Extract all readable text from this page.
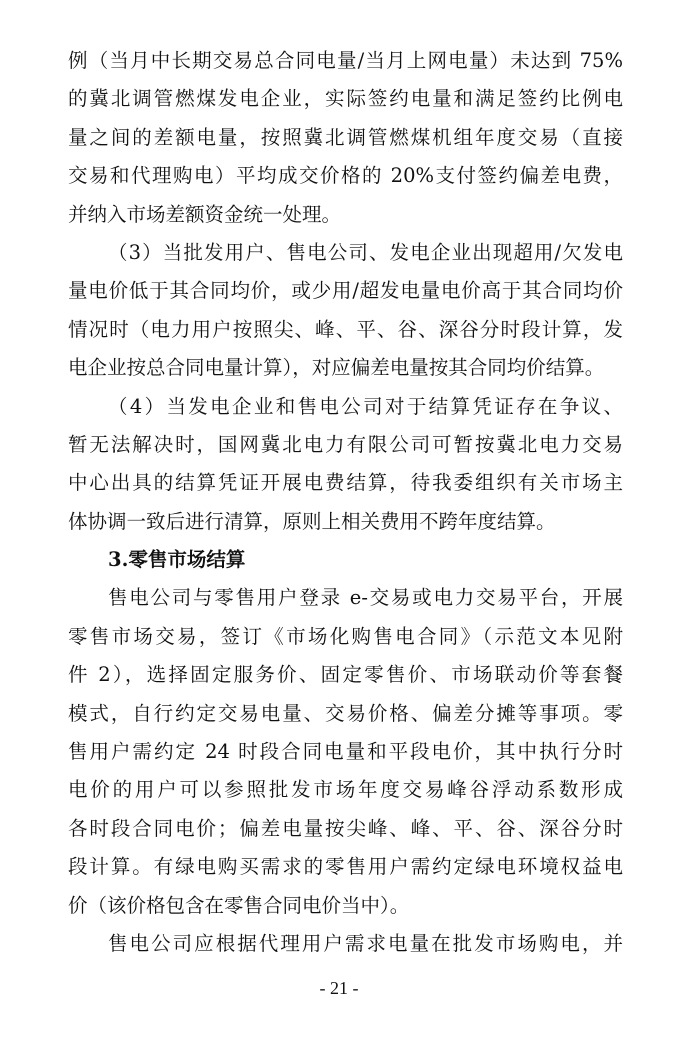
例（当月中长期交易总合同电量/当月上网电量）未达到 75%
的冀北调管燃煤发电企业，实际签约电量和满足签约比例电
量之间的差额电量，按照冀北调管燃煤机组年度交易（直接
交易和代理购电）平均成交价格的 20%支付签约偏差电费，
并纳入市场差额资金统一处理。
（3）当批发用户、售电公司、发电企业出现超用/欠发电
量电价低于其合同均价，或少用/超发电量电价高于其合同均价
情况时（电力用户按照尖、峰、平、谷、深谷分时段计算，发
电企业按总合同电量计算），对应偏差电量按其合同均价结算。
（4）当发电企业和售电公司对于结算凭证存在争议、
暂无法解决时，国网冀北电力有限公司可暂按冀北电力交易
中心出具的结算凭证开展电费结算，待我委组织有关市场主
体协调一致后进行清算，原则上相关费用不跨年度结算。
3.零售市场结算
售电公司与零售用户登录 e-交易或电力交易平台，开展
零售市场交易，签订《市场化购售电合同》（示范文本见附
件 2），选择固定服务价、固定零售价、市场联动价等套餐
模式，自行约定交易电量、交易价格、偏差分摊等事项。零
售用户需约定 24 时段合同电量和平段电价，其中执行分时
电价的用户可以参照批发市场年度交易峰谷浮动系数形成
各时段合同电价；偏差电量按尖峰、峰、平、谷、深谷分时
段计算。有绿电购买需求的零售用户需约定绿电环境权益电
价（该价格包含在零售合同电价当中）。
售电公司应根据代理用户需求电量在批发市场购电，并
- 21 -
